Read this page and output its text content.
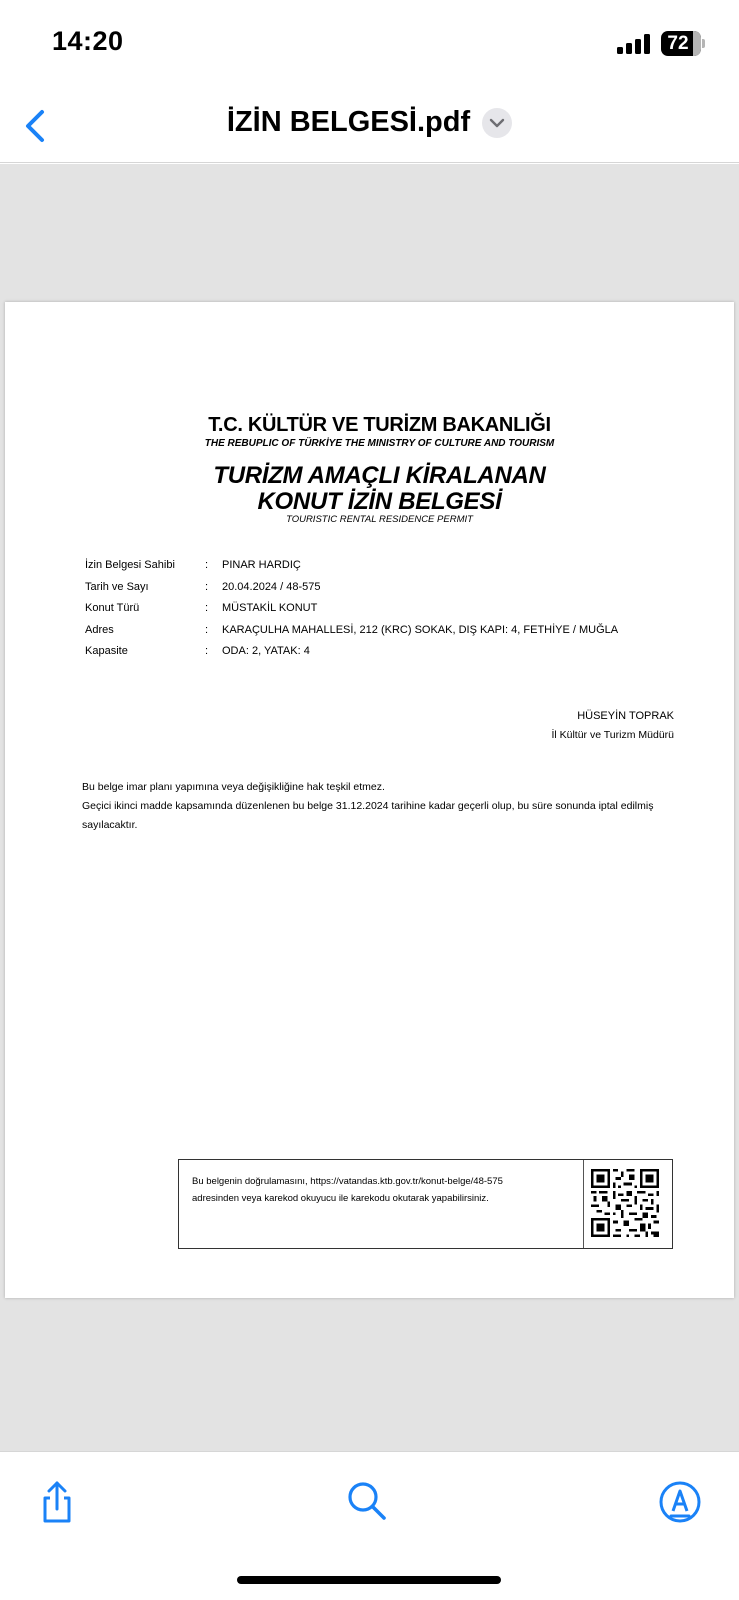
14:20	72
İZİN BELGESİ.pdf
T.C. KÜLTÜR VE TURİZM BAKANLIĞI
THE REBUPLIC OF TÜRKİYE THE MINISTRY OF CULTURE AND TOURISM
TURİZM AMAÇLI KİRALANAN
KONUT İZİN BELGESİ
TOURISTIC RENTAL RESIDENCE PERMIT
İzin Belgesi Sahibi	: PINAR HARDIÇ
Tarih ve Sayı	: 20.04.2024 / 48-575
Konut Türü	: MÜSTAKİL KONUT
Adres	: KARAÇULHA MAHALLESİ, 212 (KRC) SOKAK, DIŞ KAPI: 4, FETHİYE / MUĞLA
Kapasite	: ODA: 2, YATAK: 4
HÜSEYİN TOPRAK
İl Kültür ve Turizm Müdürü
Bu belge imar planı yapımına veya değişikliğine hak teşkil etmez.
Geçici ikinci madde kapsamında düzenlenen bu belge 31.12.2024 tarihine kadar geçerli olup, bu süre sonunda iptal edilmiş sayılacaktır.
Bu belgenin doğrulamasını, https://vatandas.ktb.gov.tr/konut-belge/48-575
adresinden veya karekod okuyucu ile karekodu okutarak yapabilirsiniz.
